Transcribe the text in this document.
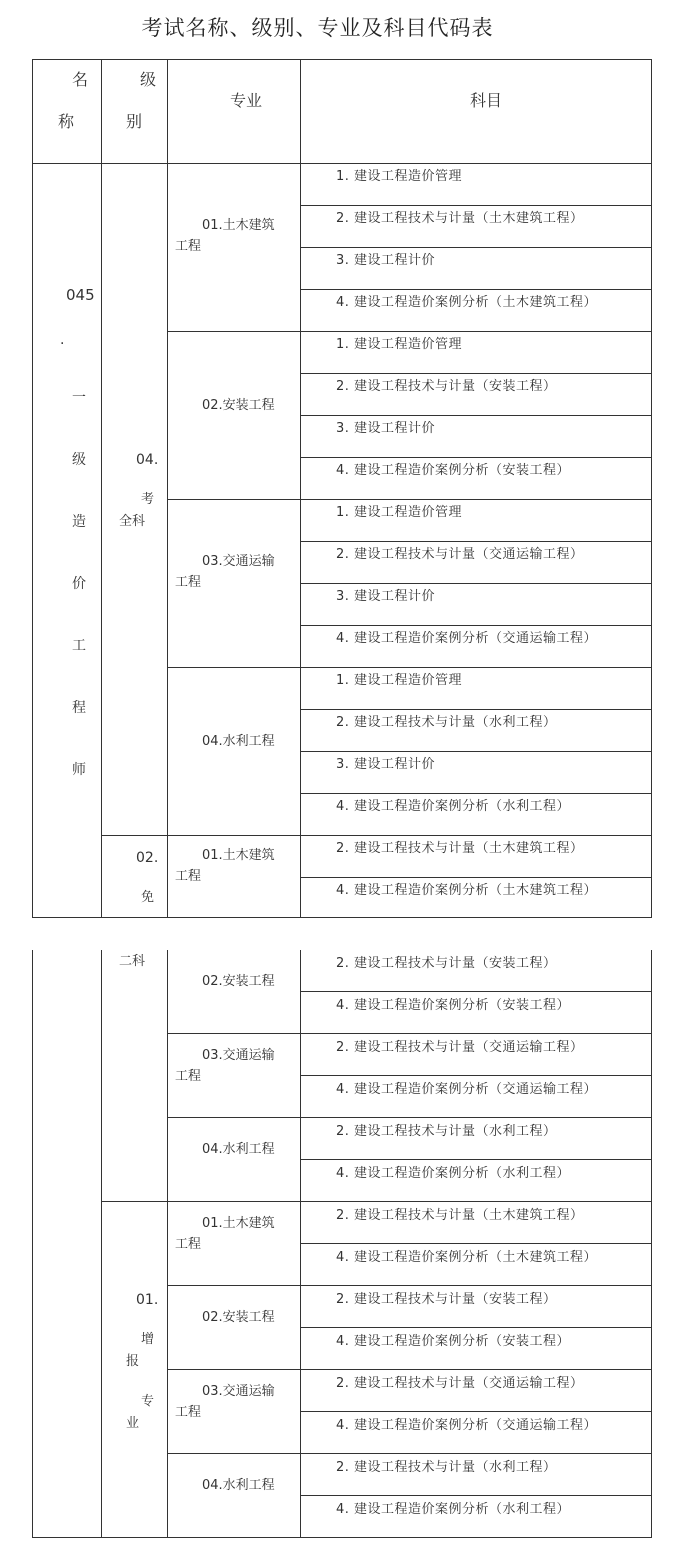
考试名称、级别、专业及科目代码表
名
称
级
别
专业	科目
045
.
一
级
造
价
工
程
师
04.
考
全科
02.
免
二科
01.
增
报
专
业
01.土木建筑
工程
02.安装工程
03.交通运输
工程
04.水利工程
01.土木建筑
工程
02.安装工程
03.交通运输
工程
04.水利工程
01.土木建筑
工程
02.安装工程
03.交通运输
工程
04.水利工程
1. 建设工程造价管理
2. 建设工程技术与计量（土木建筑工程）
3. 建设工程计价
4. 建设工程造价案例分析（土木建筑工程）
1. 建设工程造价管理
2. 建设工程技术与计量（安装工程）
3. 建设工程计价
4. 建设工程造价案例分析（安装工程）
1. 建设工程造价管理
2. 建设工程技术与计量（交通运输工程）
3. 建设工程计价
4. 建设工程造价案例分析（交通运输工程）
1. 建设工程造价管理
2. 建设工程技术与计量（水利工程）
3. 建设工程计价
4. 建设工程造价案例分析（水利工程）
2. 建设工程技术与计量（土木建筑工程）
4. 建设工程造价案例分析（土木建筑工程）
2. 建设工程技术与计量（安装工程）
4. 建设工程造价案例分析（安装工程）
2. 建设工程技术与计量（交通运输工程）
4. 建设工程造价案例分析（交通运输工程）
2. 建设工程技术与计量（水利工程）
4. 建设工程造价案例分析（水利工程）
2. 建设工程技术与计量（土木建筑工程）
4. 建设工程造价案例分析（土木建筑工程）
2. 建设工程技术与计量（安装工程）
4. 建设工程造价案例分析（安装工程）
2. 建设工程技术与计量（交通运输工程）
4. 建设工程造价案例分析（交通运输工程）
2. 建设工程技术与计量（水利工程）
4. 建设工程造价案例分析（水利工程）
